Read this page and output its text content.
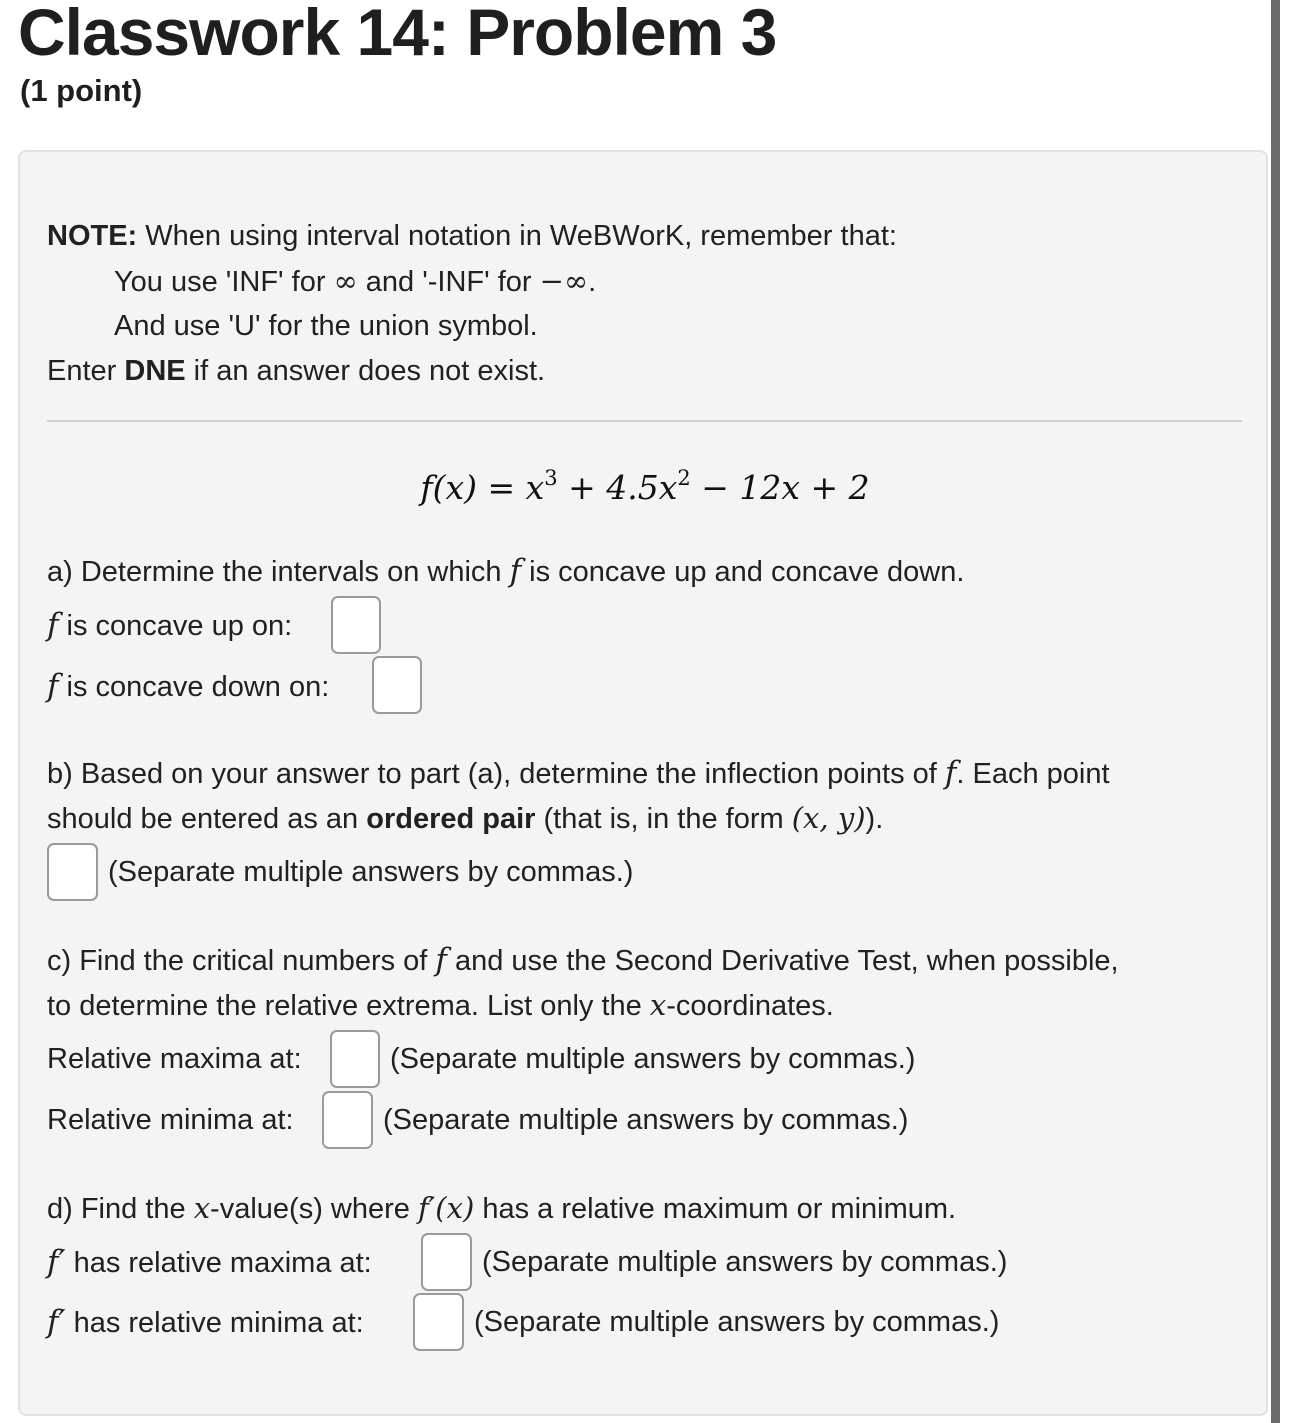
Classwork 14: Problem 3
(1 point)
NOTE: When using interval notation in WeBWorK, remember that:
You use 'INF' for ∞ and '-INF' for −∞.
And use 'U' for the union symbol.
Enter DNE if an answer does not exist.
$f(x) = x^3 + 4.5x^2 - 12x + 2$
a) Determine the intervals on which f is concave up and concave down.
f is concave up on:
f is concave down on:
b) Based on your answer to part (a), determine the inflection points of f. Each point
should be entered as an ordered pair (that is, in the form (x, y)).
(Separate multiple answers by commas.)
c) Find the critical numbers of f and use the Second Derivative Test, when possible,
to determine the relative extrema. List only the x-coordinates.
Relative maxima at:	(Separate multiple answers by commas.)
Relative minima at:	(Separate multiple answers by commas.)
d) Find the x-value(s) where f′(x) has a relative maximum or minimum.
f′ has relative maxima at:	(Separate multiple answers by commas.)
f′ has relative minima at:	(Separate multiple answers by commas.)
